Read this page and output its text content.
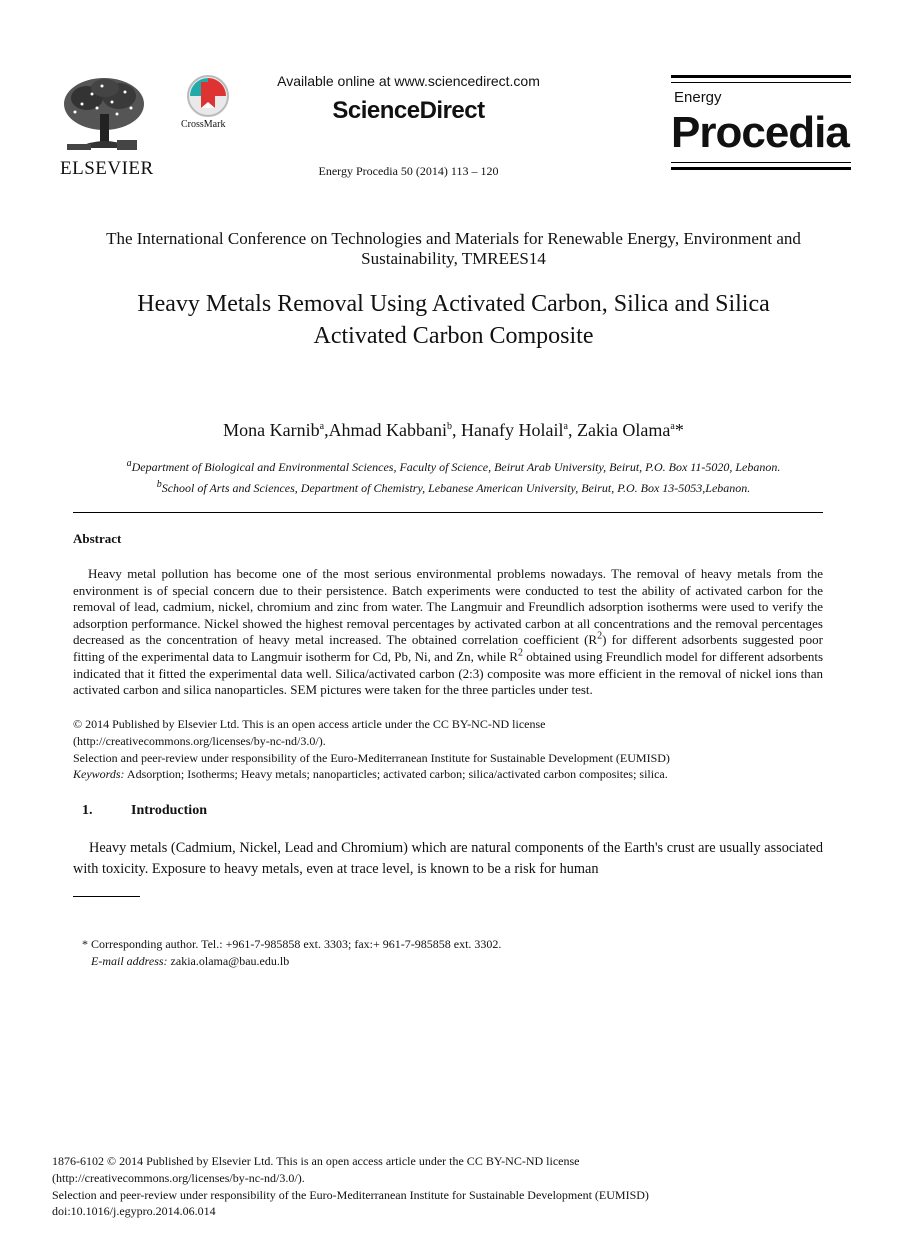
ELSEVIER
CrossMark
Available online at www.sciencedirect.com
ScienceDirect
Energy Procedia 50 (2014) 113 – 120
Energy
Procedia
The International Conference on Technologies and Materials for Renewable Energy, Environment and Sustainability, TMREES14
Heavy Metals Removal Using Activated Carbon, Silica and Silica
Activated Carbon Composite
Mona Karnib$^a$,Ahmad Kabbani$^b$, Hanafy Holail$^a$, Zakia Olama$^a$*
$^a$Department of Biological and Environmental Sciences, Faculty of Science, Beirut Arab University, Beirut, P.O. Box 11-5020, Lebanon.
$^b$School of Arts and Sciences, Department of Chemistry, Lebanese American University, Beirut, P.O. Box 13-5053,Lebanon.
Abstract
Heavy metal pollution has become one of the most serious environmental problems nowadays. The removal of heavy metals from the environment is of special concern due to their persistence. Batch experiments were conducted to test the ability of activated carbon for the removal of lead, cadmium, nickel, chromium and zinc from water. The Langmuir and Freundlich adsorption isotherms were used to verify the adsorption performance. Nickel showed the highest removal percentages by activated carbon at all concentrations and the removal percentages decreased as the concentration of heavy metal increased. The obtained correlation coefficient $(R^2)$ for different adsorbents suggested poor fitting of the experimental data to Langmuir isotherm for Cd, Pb, Ni, and Zn, while $R^2$ obtained using Freundlich model for different adsorbents indicated that it fitted the experimental data well. Silica/activated carbon (2:3) composite was more efficient in the removal of nickel ions than activated carbon and silica nanoparticles. SEM pictures were taken for the three particles under test.
© 2014 Published by Elsevier Ltd. This is an open access article under the CC BY-NC-ND license
(http://creativecommons.org/licenses/by-nc-nd/3.0/).
Selection and peer-review under responsibility of the Euro-Mediterranean Institute for Sustainable Development (EUMISD)
Keywords: Adsorption; Isotherms; Heavy metals; nanoparticles; activated carbon; silica/activated carbon composites; silica.
1.	Introduction
Heavy metals (Cadmium, Nickel, Lead and Chromium) which are natural components of the Earth's crust are usually associated with toxicity. Exposure to heavy metals, even at trace level, is known to be a risk for human
* Corresponding author. Tel.: +961-7-985858 ext. 3303; fax:+ 961-7-985858 ext. 3302.
E-mail address: zakia.olama@bau.edu.lb
1876-6102 © 2014 Published by Elsevier Ltd. This is an open access article under the CC BY-NC-ND license
(http://creativecommons.org/licenses/by-nc-nd/3.0/).
Selection and peer-review under responsibility of the Euro-Mediterranean Institute for Sustainable Development (EUMISD)
doi:10.1016/j.egypro.2014.06.014
